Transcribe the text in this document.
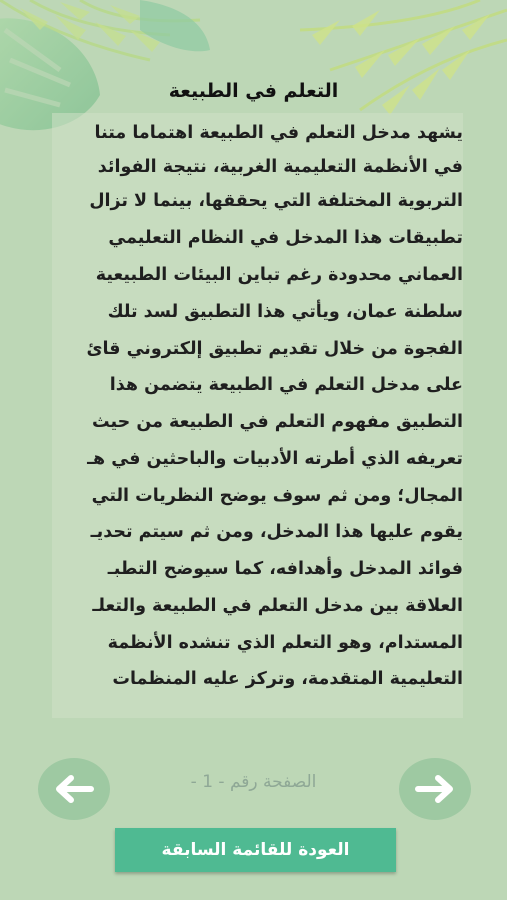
التعلم في الطبيعة
يشهد مدخل التعلم في الطبيعة اهتماما متنا
في الأنظمة التعليمية الغربية، نتيجة الفوائد
التربوية المختلفة التي يحققها، بينما لا تزال
تطبيقات هذا المدخل في النظام التعليمي
العماني محدودة رغم تباين البيئات الطبيعية
سلطنة عمان، ويأتي هذا التطبيق لسد تلك
الفجوة من خلال تقديم تطبيق إلكتروني قائ
على مدخل التعلم في الطبيعة يتضمن هذا
التطبيق مفهوم التعلم في الطبيعة من حيث
تعريفه الذي أطرته الأدبيات والباحثين في هـ
المجال؛ ومن ثم سوف يوضح النظريات التي
يقوم عليها هذا المدخل، ومن ثم سيتم تحديـ
فوائد المدخل وأهدافه، كما سيوضح التطبـ
العلاقة بين مدخل التعلم في الطبيعة والتعلـ
المستدام، وهو التعلم الذي تنشده الأنظمة
التعليمية المتقدمة، وتركز عليه المنظمات
الصفحة رقم - 1 -
العودة للقائمة السابقة
